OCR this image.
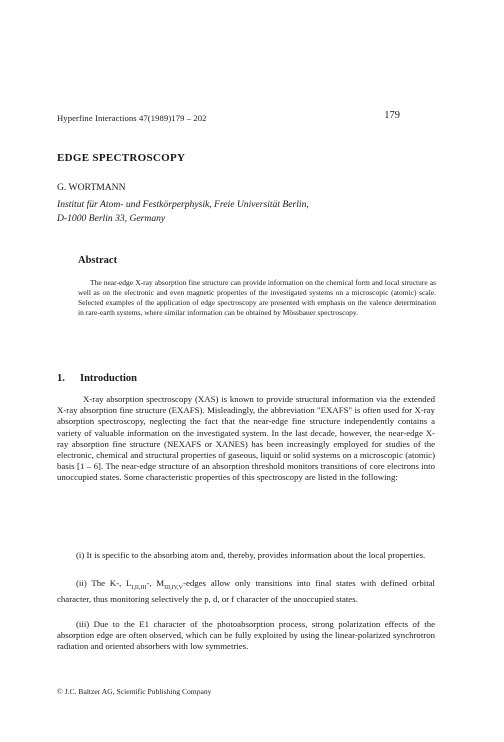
Hyperfine Interactions 47(1989)179 – 202	179
EDGE SPECTROSCOPY
G. WORTMANN
Institut für Atom- und Festkörperphysik, Freie Universität Berlin,
D-1000 Berlin 33, Germany
Abstract
The near-edge X-ray absorption fine structure can provide information on the chemical form and local structure as well as on the electronic and even magnetic properties of the investigated systems on a microscopic (atomic) scale. Selected examples of the application of edge spectroscopy are presented with emphasis on the valence determination in rare-earth systems, where similar information can be obtained by Mössbauer spectroscopy.
1. Introduction
X-ray absorption spectroscopy (XAS) is known to provide structural information via the extended X-ray absorption fine structure (EXAFS). Misleadingly, the abbreviation "EXAFS" is often used for X-ray absorption spectroscopy, neglecting the fact that the near-edge fine structure independently contains a variety of valuable information on the investigated system. In the last decade, however, the near-edge X-ray absorption fine structure (NEXAFS or XANES) has been increasingly employed for studies of the electronic, chemical and structural properties of gaseous, liquid or solid systems on a microscopic (atomic) basis [1 – 6]. The near-edge structure of an absorption threshold monitors transitions of core electrons into unoccupied states. Some characteristic properties of this spectroscopy are listed in the following:
(i) It is specific to the absorbing atom and, thereby, provides information about the local properties.
(ii) The K-, $L_{I,II,III}-$, $M_{III,IV,V}$-edges allow only transitions into final states with defined orbital character, thus monitoring selectively the p, d, or f character of the unoccupied states.
(iii) Due to the E1 character of the photoabsorption process, strong polarization effects of the absorption edge are often observed, which can be fully exploited by using the linear-polarized synchrotron radiation and oriented absorbers with low symmetries.
© J.C. Baltzer AG, Scientific Publishing Company
